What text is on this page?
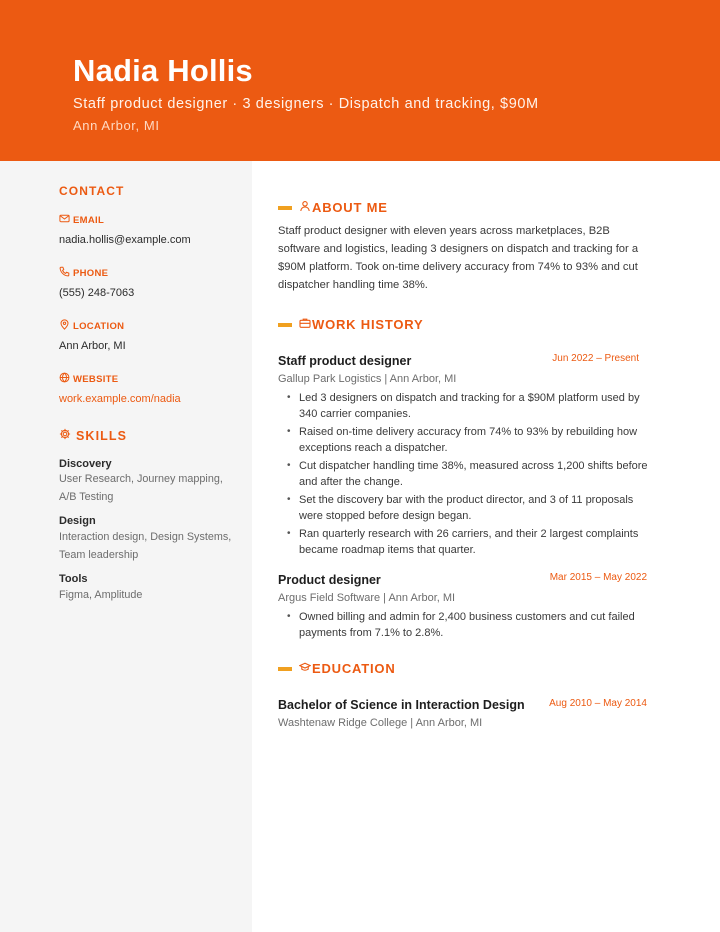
Nadia Hollis
Staff product designer · 3 designers · Dispatch and tracking, $90M
Ann Arbor, MI
CONTACT
EMAIL
nadia.hollis@example.com
PHONE
(555) 248-7063
LOCATION
Ann Arbor, MI
WEBSITE
work.example.com/nadia
SKILLS
Discovery
User Research, Journey mapping, A/B Testing
Design
Interaction design, Design Systems, Team leadership
Tools
Figma, Amplitude
ABOUT ME
Staff product designer with eleven years across marketplaces, B2B software and logistics, leading 3 designers on dispatch and tracking for a $90M platform. Took on-time delivery accuracy from 74% to 93% and cut dispatcher handling time 38%.
WORK HISTORY
Staff product designer	Jun 2022 – Present
Gallup Park Logistics | Ann Arbor, MI
• Led 3 designers on dispatch and tracking for a $90M platform used by 340 carrier companies.
• Raised on-time delivery accuracy from 74% to 93% by rebuilding how exceptions reach a dispatcher.
• Cut dispatcher handling time 38%, measured across 1,200 shifts before and after the change.
• Set the discovery bar with the product director, and 3 of 11 proposals were stopped before design began.
• Ran quarterly research with 26 carriers, and their 2 largest complaints became roadmap items that quarter.
Product designer	Mar 2015 – May 2022
Argus Field Software | Ann Arbor, MI
• Owned billing and admin for 2,400 business customers and cut failed payments from 7.1% to 2.8%.
EDUCATION
Bachelor of Science in Interaction Design Aug 2010 – May 2014
Washtenaw Ridge College | Ann Arbor, MI
